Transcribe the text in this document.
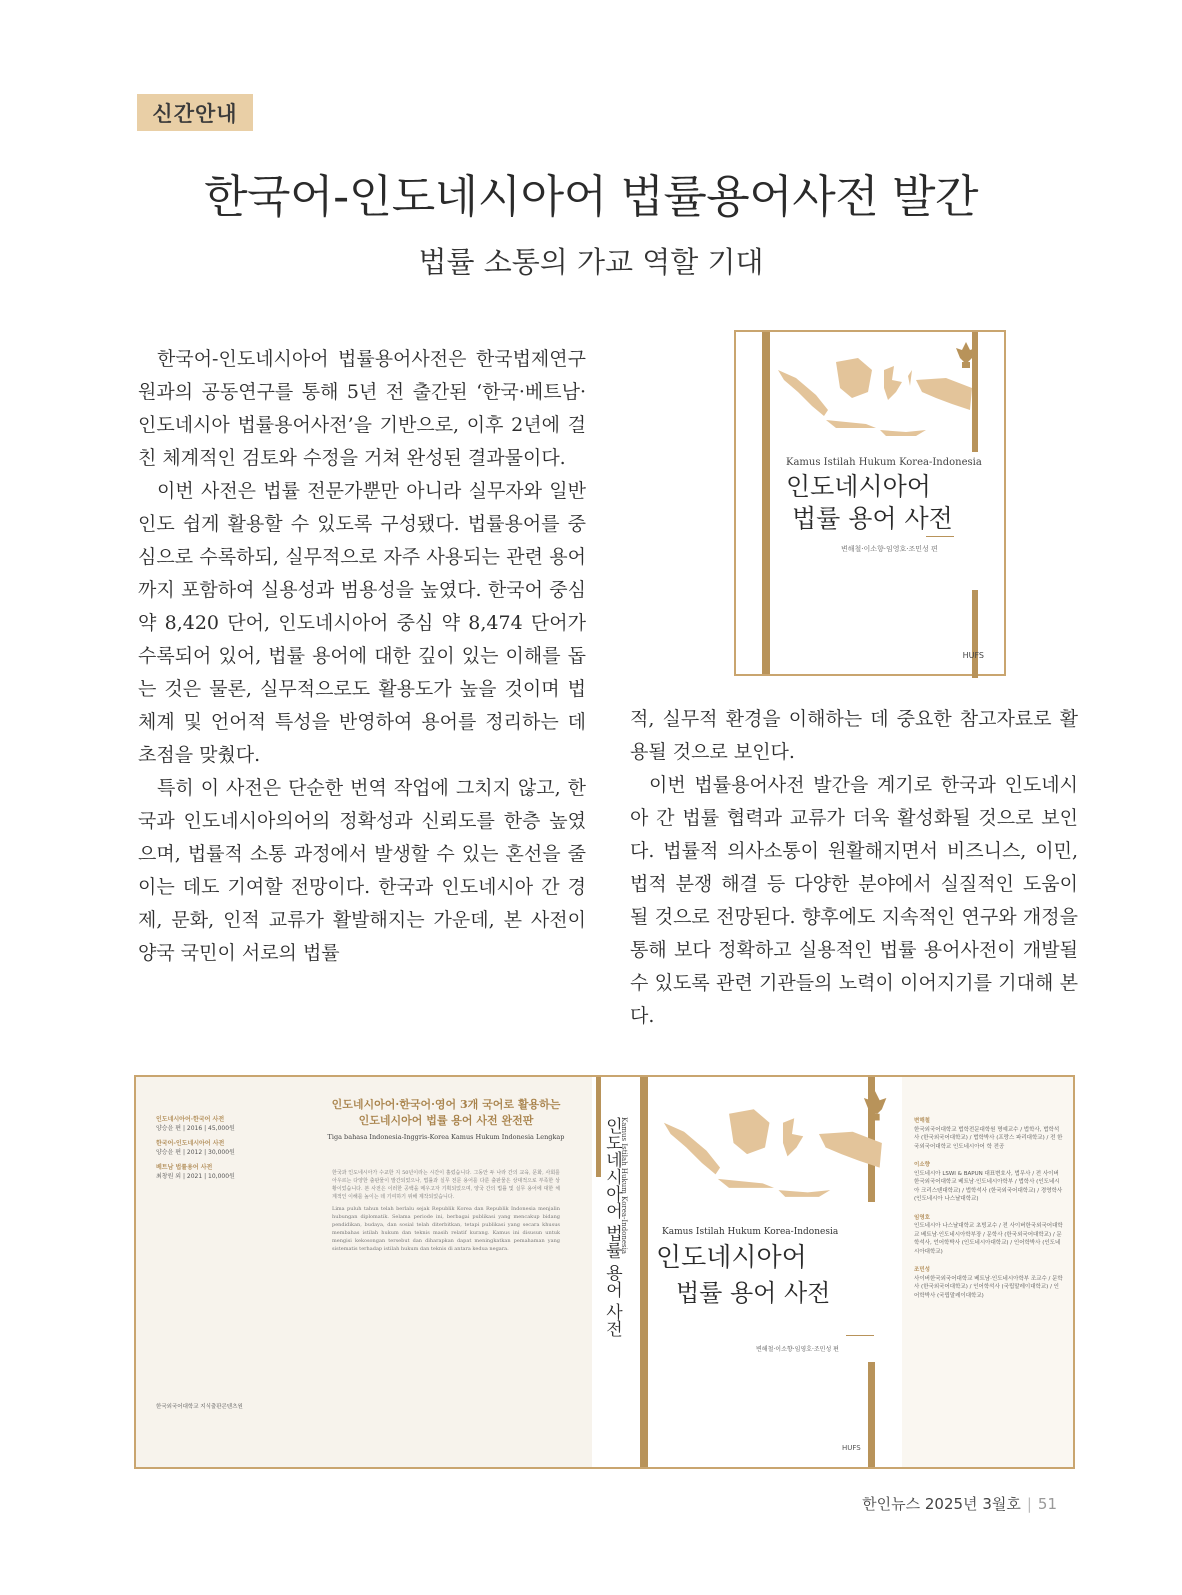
신간안내
한국어-인도네시아어 법률용어사전 발간
법률 소통의 가교 역할 기대

한국어-인도네시아어 법률용어사전은 한국법제연구원과의 공동연구를 통해 5년 전 출간된 ‘한국·베트남·인도네시아 법률용어사전’을 기반으로, 이후 2년에 걸친 체계적인 검토와 수정을 거쳐 완성된 결과물이다.

이번 사전은 법률 전문가뿐만 아니라 실무자와 일반인도 쉽게 활용할 수 있도록 구성됐다. 법률용어를 중심으로 수록하되, 실무적으로 자주 사용되는 관련 용어까지 포함하여 실용성과 범용성을 높였다. 한국어 중심 약 8,420 단어, 인도네시아어 중심 약 8,474 단어가 수록되어 있어, 법률 용어에 대한 깊이 있는 이해를 돕는 것은 물론, 실무적으로도 활용도가 높을 것이며 법체계 및 언어적 특성을 반영하여 용어를 정리하는 데 초점을 맞췄다.

특히 이 사전은 단순한 번역 작업에 그치지 않고, 한국과 인도네시아의어의 정확성과 신뢰도를 한층 높였으며, 법률적 소통 과정에서 발생할 수 있는 혼선을 줄이는 데도 기여할 전망이다. 한국과 인도네시아 간 경제, 문화, 인적 교류가 활발해지는 가운데, 본 사전이 양국 국민이 서로의 법률

Kamus Istilah Hukum Korea-Indonesia
인도네시아어
법률 용어 사전
변해철·이소향·임영호·조민성 편
HUFS

적, 실무적 환경을 이해하는 데 중요한 참고자료로 활용될 것으로 보인다.

이번 법률용어사전 발간을 계기로 한국과 인도네시아 간 법률 협력과 교류가 더욱 활성화될 것으로 보인다. 법률적 의사소통이 원활해지면서 비즈니스, 이민, 법적 분쟁 해결 등 다양한 분야에서 실질적인 도움이 될 것으로 전망된다. 향후에도 지속적인 연구와 개정을 통해 보다 정확하고 실용적인 법률 용어사전이 개발될 수 있도록 관련 기관들의 노력이 이어지기를 기대해 본다.

인도네시아어·한국어 사전
양승윤 편 | 2016 | 45,000원
한국어-인도네시아어 사전
양승윤 편 | 2012 | 30,000원
베트남 법률용어 사전
최창원 외 | 2021 | 10,000원
인도네시아어·한국어·영어 3개 국어로 활용하는 인도네시아어 법률 용어 사전 완전판
Tiga bahasa Indonesia-Inggris-Korea Kamus Hukum Indonesia Lengkap

한국과 인도네시아가 수교한 지 50년이라는 시간이 흘렀습니다. 그동안 두 나라 간의 교육, 문화, 사회를 아우르는 다양한 출판물이 발간되었으나, 법률과 실무 전문 용어를 다룬 출판물은 상대적으로 부족한 상황이었습니다. 본 사전은 이러한 공백을 메우고자 기획되었으며, 양국 간의 법률 및 실무 용어에 대한 체계적인 이해를 높이는 데 기여하기 위해 제작되었습니다.

Lima puluh tahun telah berlalu sejak Republik Korea dan Republik Indonesia menjalin hubungan diplomatik. Selama periode ini, berbagai publikasi yang mencakup bidang pendidikan, budaya, dan sosial telah diterbitkan, tetapi publikasi yang secara khusus membahas istilah hukum dan teknis masih relatif kurang. Kamus ini disusun untuk mengisi kekosongan tersebut dan diharapkan dapat meningkatkan pemahaman yang sistematis terhadap istilah hukum dan teknis di antara kedua negara.

한국외국어대학교 지식출판콘텐츠원
인도네시아어 법률 용어 사전
Kamus Istilah Hukum Korea-Indonesia	Kamus Istilah Hukum Korea-Indonesia
인도네시아어
법률 용어 사전
변해철·이소향·임영호·조민성 편
HUFS
변해철
한국외국어대학교 법학전문대학원 명예교수 / 법학사, 법학석사 (한국외국어대학교) / 법학박사 (프랑스 파리대학교) / 전 한국외국어대학교 인도네시아어 학 전공
이소향
인도네시아 LSWI & BAPUN 대표변호사, 법무사 / 전 사이버한국외국어대학교 베트남·인도네시아학부 / 법학사 (인도네시아 크리스텐대학교) / 법학석사 (한국외국어대학교) / 경영학사 (인도네시아 나스날대학교)
임영호
인도네시아 나스날대학교 초빙교수 / 전 사이버한국외국어대학교 베트남·인도네시아학부장 / 문학사 (한국외국어대학교) / 문학석사, 언어학박사 (인도네시아대학교) / 인어학박사 (인도네시아대학교)
조민성
사이버한국외국어대학교 베트남·인도네시아학부 조교수 / 문학사 (한국외국어대학교) / 인어학석사 (국립말레이대학교) / 인어학박사 (국립말레이대학교)
한인뉴스 2025년 3월호 | 51
